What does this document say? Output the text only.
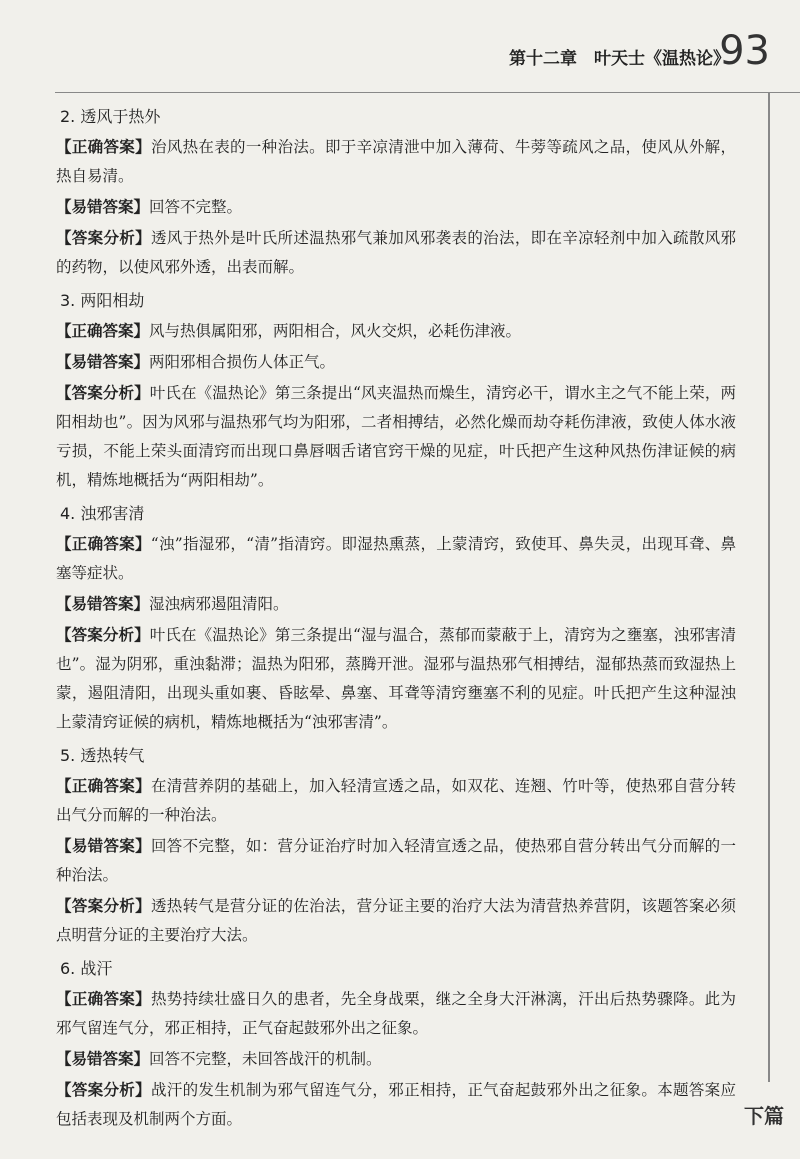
第十二章　叶天士《温热论》
93
下篇
2. 透风于热外

【正确答案】治风热在表的一种治法。即于辛凉清泄中加入薄荷、牛蒡等疏风之品，使风从外解，热自易清。

【易错答案】回答不完整。

【答案分析】透风于热外是叶氏所述温热邪气兼加风邪袭表的治法，即在辛凉轻剂中加入疏散风邪的药物，以使风邪外透，出表而解。

3. 两阳相劫

【正确答案】风与热俱属阳邪，两阳相合，风火交炽，必耗伤津液。

【易错答案】两阳邪相合损伤人体正气。

【答案分析】叶氏在《温热论》第三条提出“风夹温热而燥生，清窍必干，谓水主之气不能上荣，两阳相劫也”。因为风邪与温热邪气均为阳邪，二者相搏结，必然化燥而劫夺耗伤津液，致使人体水液亏损，不能上荣头面清窍而出现口鼻唇咽舌诸官窍干燥的见症，叶氏把产生这种风热伤津证候的病机，精炼地概括为“两阳相劫”。

4. 浊邪害清

【正确答案】“浊”指湿邪，“清”指清窍。即湿热熏蒸，上蒙清窍，致使耳、鼻失灵，出现耳聋、鼻塞等症状。

【易错答案】湿浊病邪遏阻清阳。

【答案分析】叶氏在《温热论》第三条提出“湿与温合，蒸郁而蒙蔽于上，清窍为之壅塞，浊邪害清也”。湿为阴邪，重浊黏滞；温热为阳邪，蒸腾开泄。湿邪与温热邪气相搏结，湿郁热蒸而致湿热上蒙，遏阻清阳，出现头重如裹、昏眩晕、鼻塞、耳聋等清窍壅塞不利的见症。叶氏把产生这种湿浊上蒙清窍证候的病机，精炼地概括为“浊邪害清”。

5. 透热转气

【正确答案】在清营养阴的基础上，加入轻清宣透之品，如双花、连翘、竹叶等，使热邪自营分转出气分而解的一种治法。

【易错答案】回答不完整，如：营分证治疗时加入轻清宣透之品，使热邪自营分转出气分而解的一种治法。

【答案分析】透热转气是营分证的佐治法，营分证主要的治疗大法为清营热养营阴，该题答案必须点明营分证的主要治疗大法。

6. 战汗

【正确答案】热势持续壮盛日久的患者，先全身战栗，继之全身大汗淋漓，汗出后热势骤降。此为邪气留连气分，邪正相持，正气奋起鼓邪外出之征象。

【易错答案】回答不完整，未回答战汗的机制。

【答案分析】战汗的发生机制为邪气留连气分，邪正相持，正气奋起鼓邪外出之征象。本题答案应包括表现及机制两个方面。
